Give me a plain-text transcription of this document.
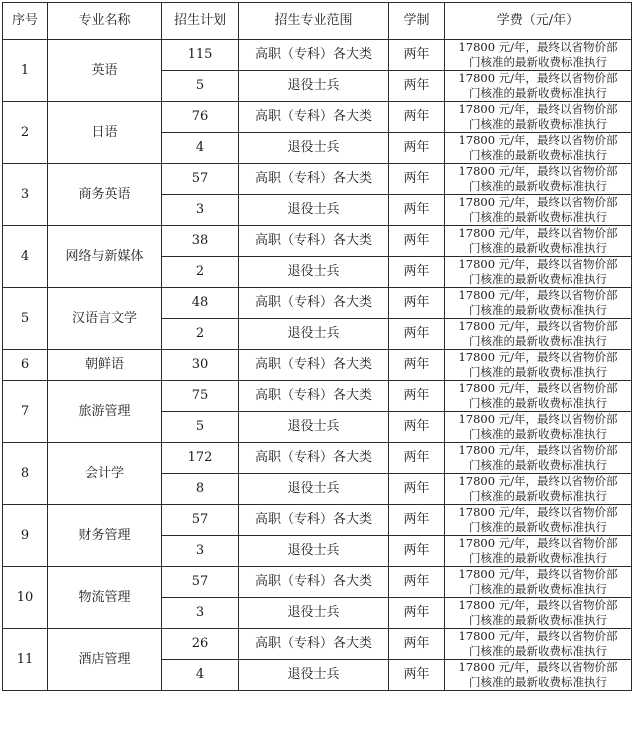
序号	专业名称	招生计划	招生专业范围	学制	学费（元/年）
1	英语	115	高职（专科）各大类	两年	17800 元/年，最终以省物价部
门核准的最新收费标准执行

		5	退役士兵	两年	17800 元/年，最终以省物价部
门核准的最新收费标准执行

2	日语	76	高职（专科）各大类	两年	17800 元/年，最终以省物价部
门核准的最新收费标准执行

		4	退役士兵	两年	17800 元/年，最终以省物价部
门核准的最新收费标准执行

3	商务英语	57	高职（专科）各大类	两年	17800 元/年，最终以省物价部
门核准的最新收费标准执行

		3	退役士兵	两年	17800 元/年，最终以省物价部
门核准的最新收费标准执行

4	网络与新媒体	38	高职（专科）各大类	两年	17800 元/年，最终以省物价部
门核准的最新收费标准执行

		2	退役士兵	两年	17800 元/年，最终以省物价部
门核准的最新收费标准执行

5	汉语言文学	48	高职（专科）各大类	两年	17800 元/年，最终以省物价部
门核准的最新收费标准执行

		2	退役士兵	两年	17800 元/年，最终以省物价部
门核准的最新收费标准执行

6	朝鲜语	30	高职（专科）各大类	两年	17800 元/年，最终以省物价部
门核准的最新收费标准执行

7	旅游管理	75	高职（专科）各大类	两年	17800 元/年，最终以省物价部
门核准的最新收费标准执行

		5	退役士兵	两年	17800 元/年，最终以省物价部
门核准的最新收费标准执行

8	会计学	172	高职（专科）各大类	两年	17800 元/年，最终以省物价部
门核准的最新收费标准执行

		8	退役士兵	两年	17800 元/年，最终以省物价部
门核准的最新收费标准执行

9	财务管理	57	高职（专科）各大类	两年	17800 元/年，最终以省物价部
门核准的最新收费标准执行

		3	退役士兵	两年	17800 元/年，最终以省物价部
门核准的最新收费标准执行

10	物流管理	57	高职（专科）各大类	两年	17800 元/年，最终以省物价部
门核准的最新收费标准执行

		3	退役士兵	两年	17800 元/年，最终以省物价部
门核准的最新收费标准执行

11	酒店管理	26	高职（专科）各大类	两年	17800 元/年，最终以省物价部
门核准的最新收费标准执行

		4	退役士兵	两年	17800 元/年，最终以省物价部
门核准的最新收费标准执行
